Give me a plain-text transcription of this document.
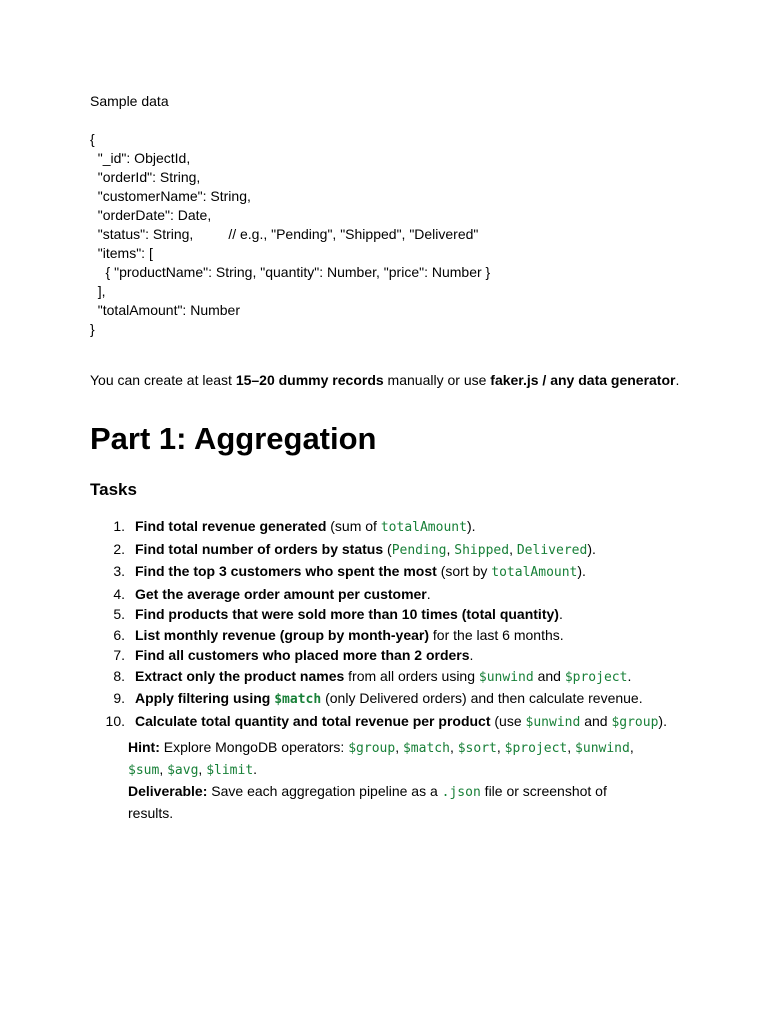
Sample data
{
"_id": ObjectId,
"orderId": String,
"customerName": String,
"orderDate": Date,
"status": String,         // e.g., "Pending", "Shipped", "Delivered"
"items": [
{ "productName": String, "quantity": Number, "price": Number }
],
"totalAmount": Number
}
You can create at least 15–20 dummy records manually or use faker.js / any data generator.
Part 1: Aggregation
Tasks
1. Find total revenue generated (sum of totalAmount).
2. Find total number of orders by status (Pending, Shipped, Delivered).
3. Find the top 3 customers who spent the most (sort by totalAmount).
4. Get the average order amount per customer.
5. Find products that were sold more than 10 times (total quantity).
6. List monthly revenue (group by month-year) for the last 6 months.
7. Find all customers who placed more than 2 orders.
8. Extract only the product names from all orders using $unwind and $project.
9. Apply filtering using $match (only Delivered orders) and then calculate revenue.
10. Calculate total quantity and total revenue per product (use $unwind and $group).

Hint: Explore MongoDB operators: $group, $match, $sort, $project, $unwind, $sum, $avg, $limit.

Deliverable: Save each aggregation pipeline as a .json file or screenshot of results.
